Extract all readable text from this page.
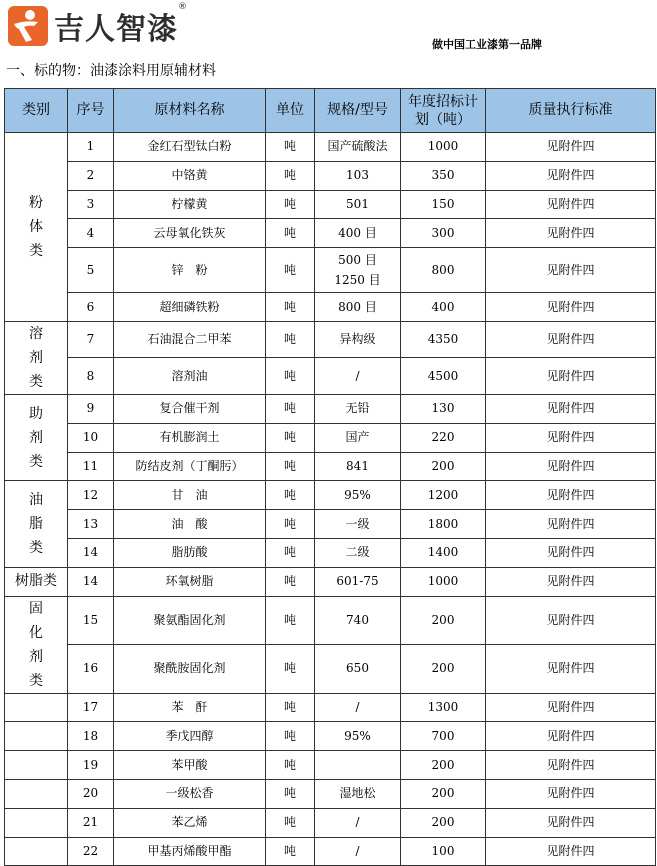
吉人智漆
®
做中国工业漆第一品牌
一、标的物：油漆涂料用原辅材料
类别	序号	原材料名称	单位	规格/型号	年度招标计划（吨）	质量执行标准
粉体类	1	金红石型钛白粉	吨	国产硫酸法	1000	见附件四
	2	中铬黄	吨	103	350	见附件四
	3	柠檬黄	吨	501	150	见附件四
	4	云母氧化铁灰	吨	400 目	300	见附件四
	5	锌　粉	吨	500 目
1250 目	800	见附件四
	6	超细磷铁粉	吨	800 目	400	见附件四
溶剂类	7	石油混合二甲苯	吨	异构级	4350	见附件四
	8	溶剂油	吨	/	4500	见附件四
助剂类	9	复合催干剂	吨	无铅	130	见附件四
	10	有机膨润土	吨	国产	220	见附件四
	11	防结皮剂（丁酮肟）	吨	841	200	见附件四
油脂类	12	甘　油	吨	95%	1200	见附件四
	13	油　酸	吨	一级	1800	见附件四
	14	脂肪酸	吨	二级	1400	见附件四
树脂类	14	环氧树脂	吨	601-75	1000	见附件四
固化剂类	15	聚氨酯固化剂	吨	740	200	见附件四
	16	聚酰胺固化剂	吨	650	200	见附件四
	17	苯　酐	吨	/	1300	见附件四
	18	季戊四醇	吨	95%	700	见附件四
	19	苯甲酸	吨		200	见附件四
	20	一级松香	吨	湿地松	200	见附件四
	21	苯乙烯	吨	/	200	见附件四
	22	甲基丙烯酸甲酯	吨	/	100	见附件四
